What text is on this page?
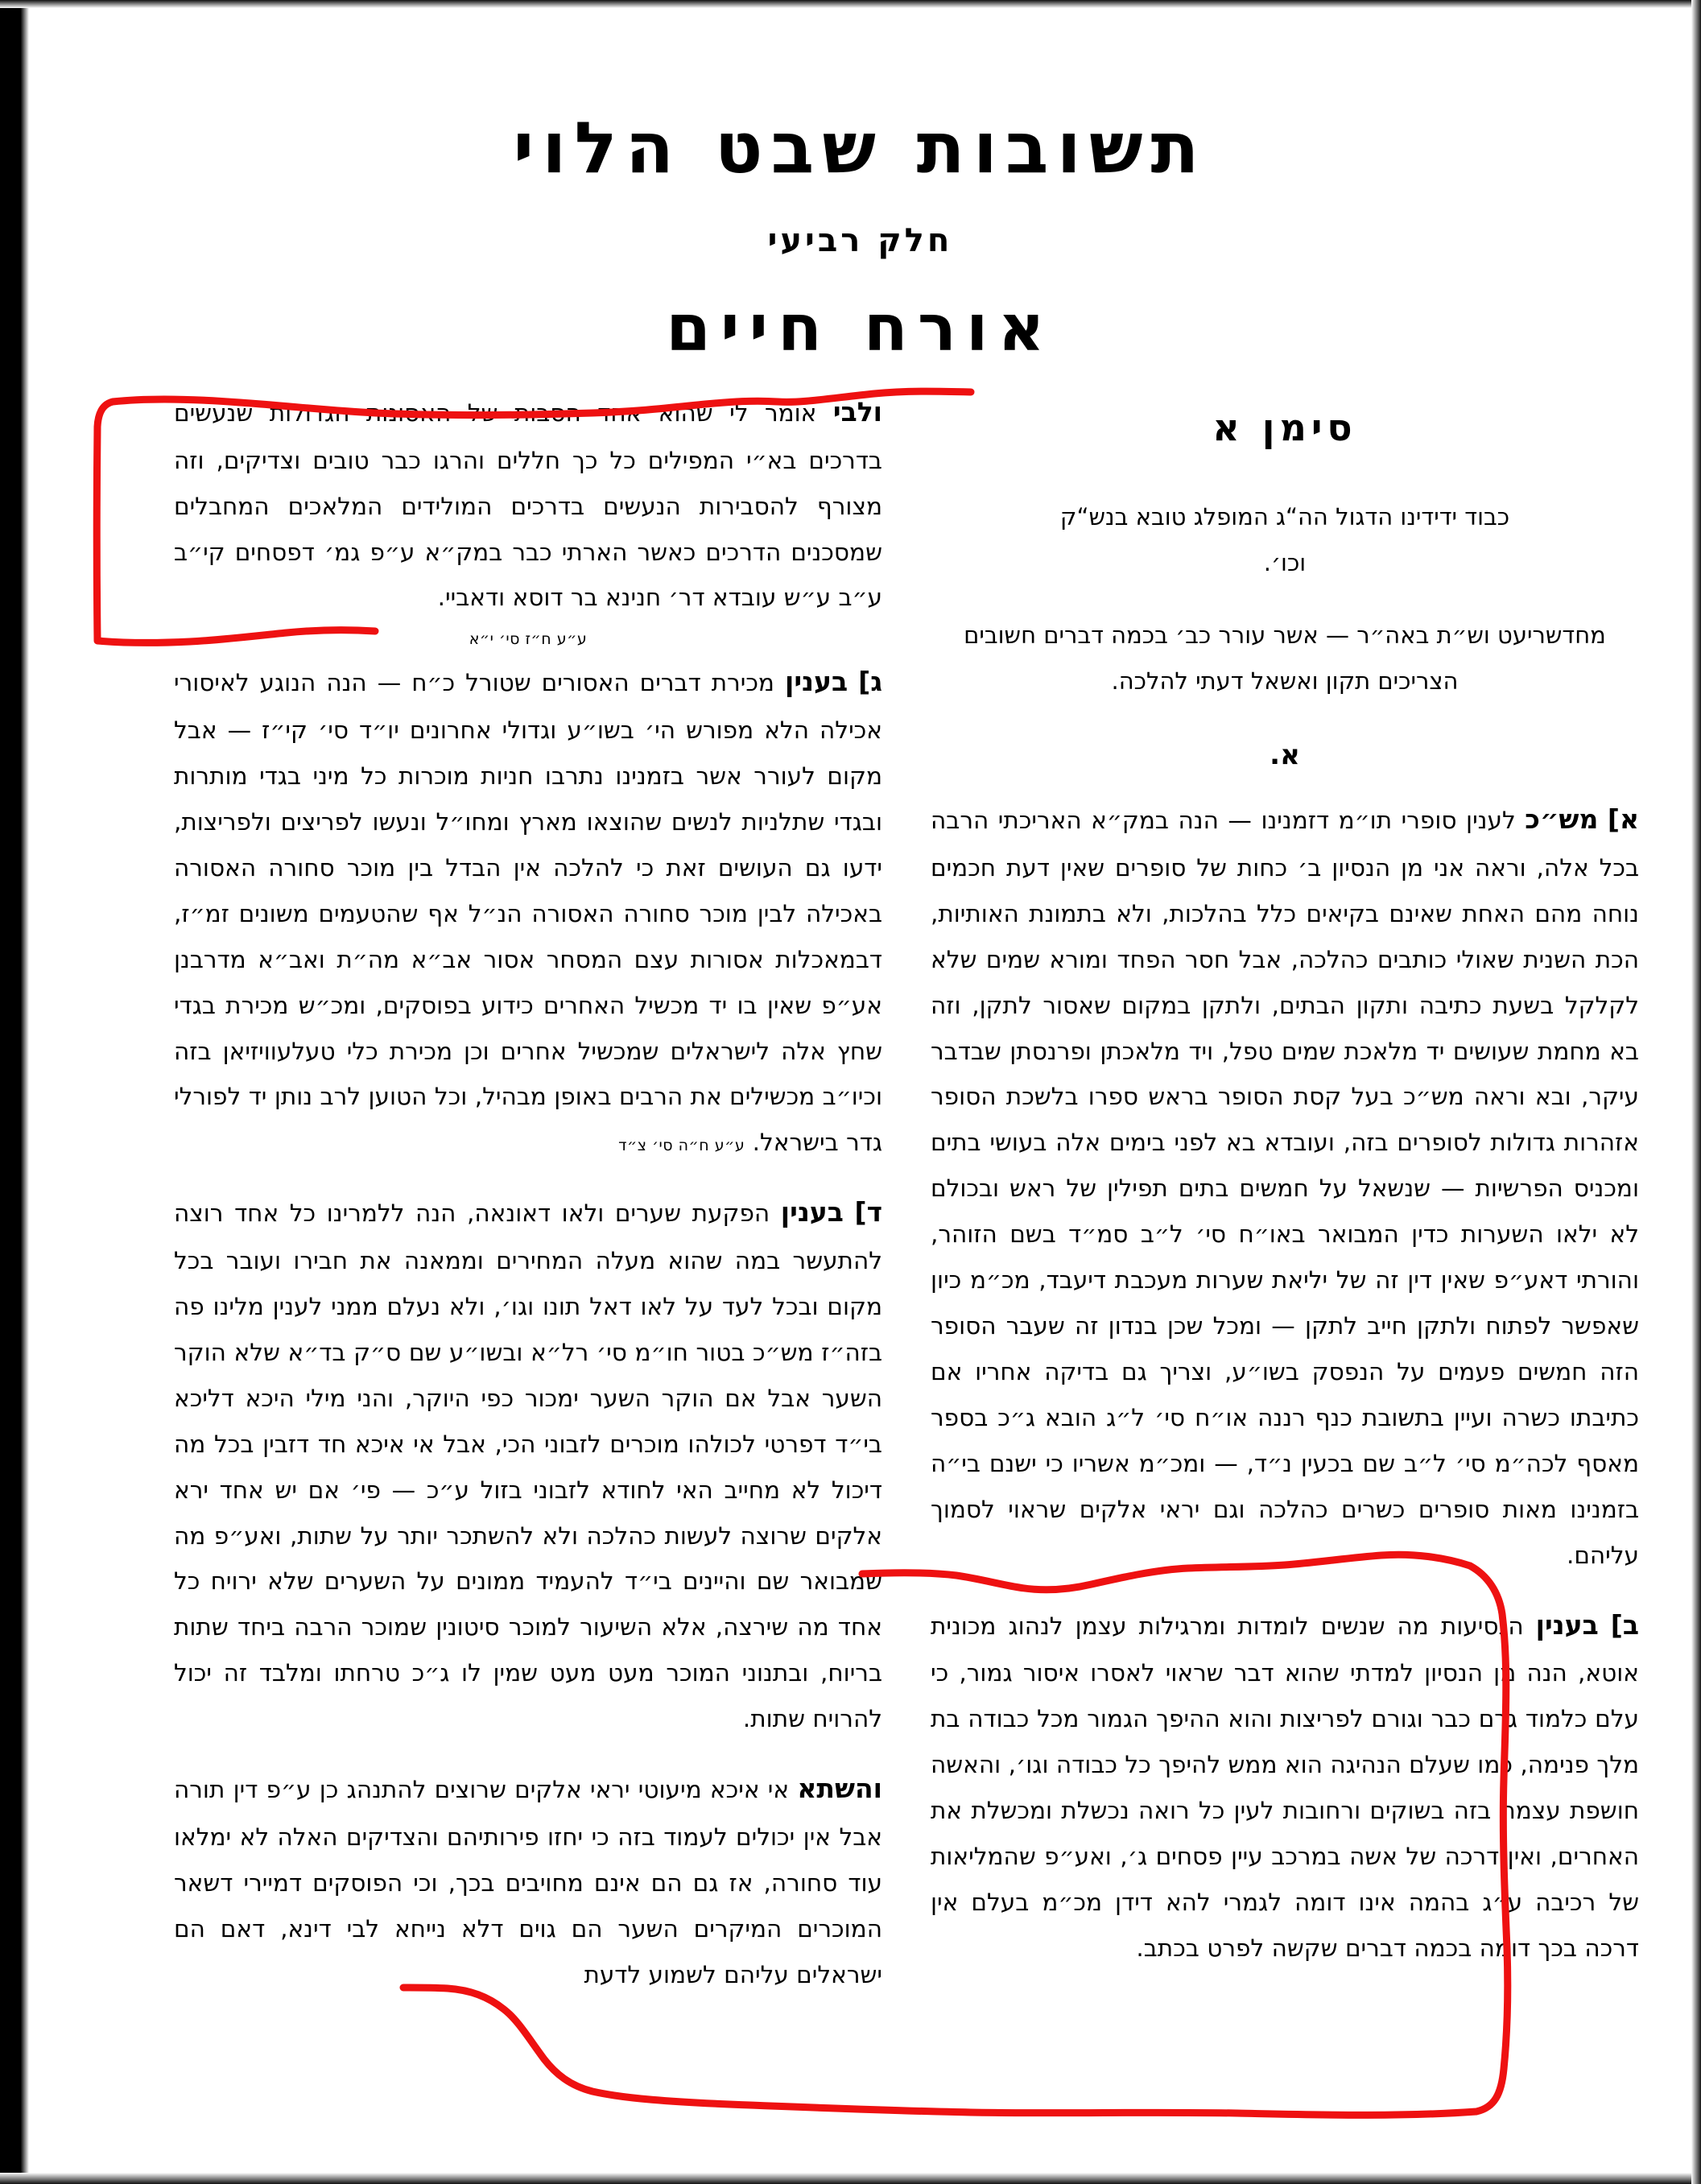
תשובות שבט הלוי
חלק רביעי
אורח חיים
סימן א
כבוד ידידינו הדגול הה“ג המופלג טובא בנש“ק
וכו׳.
מחדשריעט וש״ת באה״ר — אשר עורר כב׳ בכמה דברים חשובים הצריכים תקון ואשאל דעתי להלכה.
א.

א] מש״כ לענין סופרי תו״מ דזמנינו — הנה במק״א האריכתי הרבה בכל אלה, וראה אני מן הנסיון ב׳ כחות של סופרים שאין דעת חכמים נוחה מהם האחת שאינם בקיאים כלל בהלכות, ולא בתמונת האותיות, הכת השנית שאולי כותבים כהלכה, אבל חסר הפחד ומורא שמים שלא לקלקל בשעת כתיבה ותקון הבתים, ולתקן במקום שאסור לתקן, וזה בא מחמת שעושים יד מלאכת שמים טפל, ויד מלאכתן ופרנסתן שבדבר עיקר, ובא וראה מש״כ בעל קסת הסופר בראש ספרו בלשכת הסופר אזהרות גדולות לסופרים בזה, ועובדא בא לפני בימים אלה בעושי בתים ומכניס הפרשיות — שנשאל על חמשים בתים תפילין של ראש ובכולם לא ילאו השערות כדין המבואר באו״ח סי׳ ל״ב סמ״ד בשם הזוהר, והורתי דאע״פ שאין דין זה של יליאת שערות מעכבת דיעבד, מכ״מ כיון שאפשר לפתוח ולתקן חייב לתקן — ומכל שכן בנדון זה שעבר הסופר הזה חמשים פעמים על הנפסק בשו״ע, וצריך גם בדיקה אחריו אם כתיבתו כשרה ועיין בתשובת כנף רננה או״ח סי׳ ל״ג הובא ג״כ בספר מאסף לכה״מ סי׳ ל״ב שם בכעין נ״ד, — ומכ״מ אשריו כי ישנם בי״ה בזמנינו מאות סופרים כשרים כהלכה וגם יראי אלקים שראוי לסמוך עליהם.

ב] בענין הנסיעות מה שנשים לומדות ומרגילות עצמן לנהוג מכונית אוטא, הנה מן הנסיון למדתי שהוא דבר שראוי לאסרו איסור גמור, כי עלם כלמוד גרם כבר וגורם לפריצות והוא ההיפך הגמור מכל כבודה בת מלך פנימה, כמו שעלם הנהיגה הוא ממש להיפך כל כבודה וגו׳, והאשה חושפת עצמה בזה בשוקים ורחובות לעין כל רואה נכשלת ומכשלת את האחרים, ואין דרכה של אשה במרכב עיין פסחים ג׳, ואע״פ שהמליאות של רכיבה ע״ג בהמה אינו דומה לגמרי להא דידן מכ״מ בעלם אין דרכה בכך דומה בכמה דברים שקשה לפרט בכתב.

ולבי אומר לי שהוא אחד הסבות של האסונות הגדולות שנעשים בדרכים בא״י המפילים כל כך חללים והרגו כבר טובים וצדיקים, וזה מצורף להסבירות הנעשים בדרכים המולידים המלאכים המחבלים שמסכנים הדרכים כאשר הארתי כבר במק״א ע״פ גמ׳ דפסחים קי״ב ע״ב ע״ש עובדא דר׳ חנינא בר דוסא ודאביי.

ע״ע ח״ז סי׳ י״א

ג] בענין מכירת דברים האסורים שטורל כ״ח — הנה הנוגע לאיסורי אכילה הלא מפורש הי׳ בשו״ע וגדולי אחרונים יו״ד סי׳ קי״ז — אבל מקום לעורר אשר בזמנינו נתרבו חניות מוכרות כל מיני בגדי מותרות ובגדי שתלניות לנשים שהוצאו מארץ ומחו״ל ונעשו לפריצים ולפריצות, ידעו גם העושים זאת כי להלכה אין הבדל בין מוכר סחורה האסורה באכילה לבין מוכר סחורה האסורה הנ״ל אף שהטעמים משונים זמ״ז, דבמאכלות אסורות עצם המסחר אסור אב״א מה״ת ואב״א מדרבנן אע״פ שאין בו יד מכשיל האחרים כידוע בפוסקים, ומכ״ש מכירת בגדי שחץ אלה לישראלים שמכשיל אחרים וכן מכירת כלי טעלעוויזיאן בזה וכיו״ב מכשילים את הרבים באופן מבהיל, וכל הטוען לרב נותן יד לפורלי גדר בישראל. ע״ע ח״ה סי׳ צ״ד

ד] בענין הפקעת שערים ולאו דאונאה, הנה ללמרינו כל אחד רוצה להתעשר במה שהוא מעלה המחירים וממאנה את חבירו ועובר בכל מקום ובכל לעד על לאו דאל תונו וגו׳, ולא נעלם ממני לענין מלינו פה בזה״ז מש״כ בטור חו״מ סי׳ רל״א ובשו״ע שם ס״ק בד״א שלא הוקר השער אבל אם הוקר השער ימכור כפי היוקר, והני מילי היכא דליכא בי״ד דפרטי לכולהו מוכרים לזבוני הכי, אבל אי איכא חד דזבין בכל מה דיכול לא מחייב האי לחודא לזבוני בזול ע״כ — פי׳ אם יש אחד ירא אלקים שרוצה לעשות כהלכה ולא להשתכר יותר על שתות, ואע״פ מה שמבואר שם והיינים בי״ד להעמיד ממונים על השערים שלא ירויח כל אחד מה שירצה, אלא השיעור למוכר סיטונין שמוכר הרבה ביחד שתות בריוח, ובתנוני המוכר מעט מעט שמין לו ג״כ טרחתו ומלבד זה יכול להרויח שתות.

והשתא אי איכא מיעוטי יראי אלקים שרוצים להתנהג כן ע״פ דין תורה אבל אין יכולים לעמוד בזה כי יחזו פירותיהם והצדיקים האלה לא ימלאו עוד סחורה, אז גם הם אינם מחויבים בכך, וכי הפוסקים דמיירי דשאר המוכרים המיקרים השער הם גוים דלא נייחא לבי דינא, דאם הם ישראלים עליהם לשמוע לדעת
